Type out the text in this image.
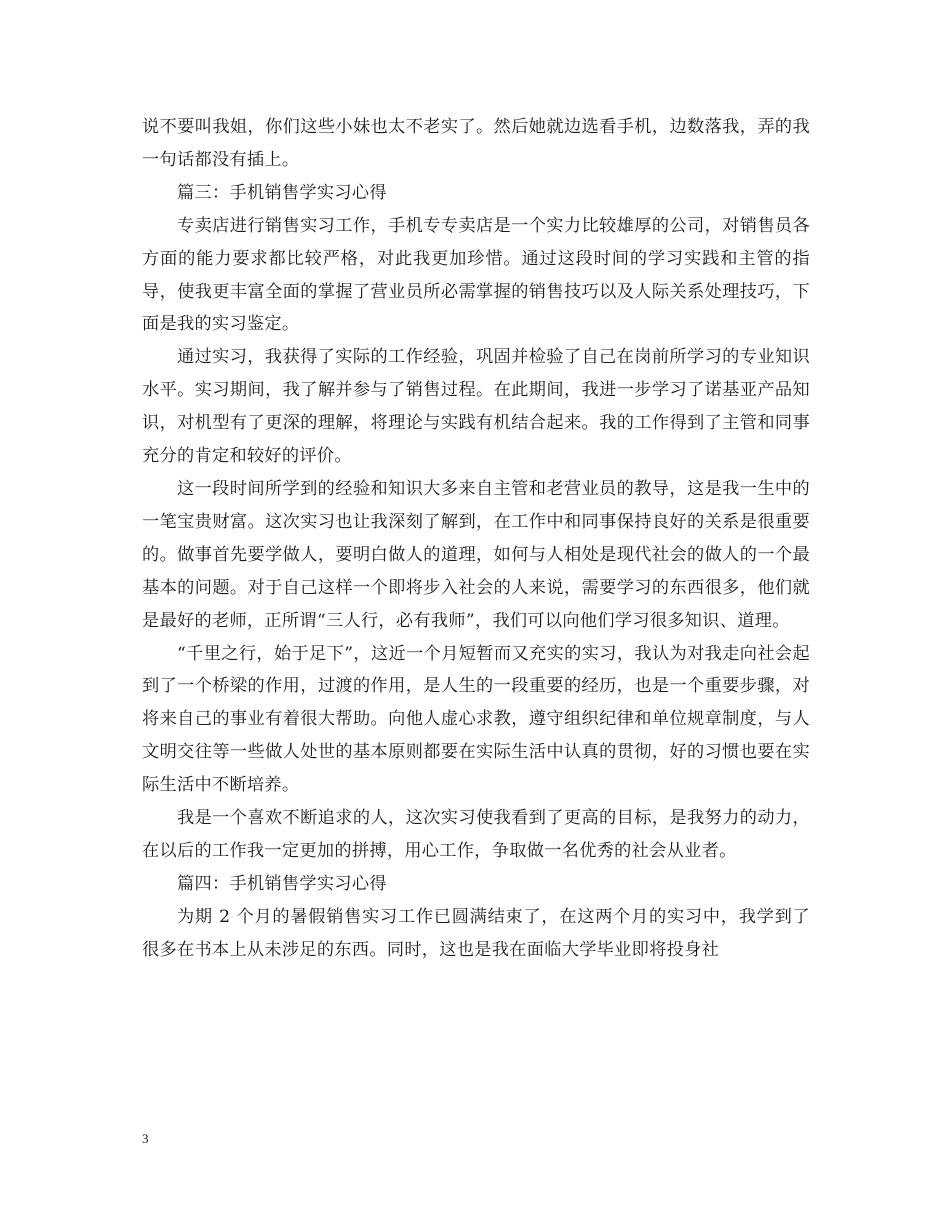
说不要叫我姐，你们这些小妹也太不老实了。然后她就边选看手机，边数落我，弄的我一句话都没有插上。

篇三：手机销售学实习心得

专卖店进行销售实习工作，手机专专卖店是一个实力比较雄厚的公司，对销售员各方面的能力要求都比较严格，对此我更加珍惜。通过这段时间的学习实践和主管的指导，使我更丰富全面的掌握了营业员所必需掌握的销售技巧以及人际关系处理技巧，下面是我的实习鉴定。

通过实习，我获得了实际的工作经验，巩固并检验了自己在岗前所学习的专业知识水平。实习期间，我了解并参与了销售过程。在此期间，我进一步学习了诺基亚产品知识，对机型有了更深的理解，将理论与实践有机结合起来。我的工作得到了主管和同事充分的肯定和较好的评价。

这一段时间所学到的经验和知识大多来自主管和老营业员的教导，这是我一生中的一笔宝贵财富。这次实习也让我深刻了解到，在工作中和同事保持良好的关系是很重要的。做事首先要学做人，要明白做人的道理，如何与人相处是现代社会的做人的一个最基本的问题。对于自己这样一个即将步入社会的人来说，需要学习的东西很多，他们就是最好的老师，正所谓“三人行，必有我师”，我们可以向他们学习很多知识、道理。

“千里之行，始于足下”，这近一个月短暂而又充实的实习，我认为对我走向社会起到了一个桥梁的作用，过渡的作用，是人生的一段重要的经历，也是一个重要步骤，对将来自己的事业有着很大帮助。向他人虚心求教，遵守组织纪律和单位规章制度，与人文明交往等一些做人处世的基本原则都要在实际生活中认真的贯彻，好的习惯也要在实际生活中不断培养。

我是一个喜欢不断追求的人，这次实习使我看到了更高的目标，是我努力的动力，在以后的工作我一定更加的拼搏，用心工作，争取做一名优秀的社会从业者。

篇四：手机销售学实习心得

为期 2 个月的暑假销售实习工作已圆满结束了，在这两个月的实习中，我学到了很多在书本上从未涉足的东西。同时，这也是我在面临大学毕业即将投身社

3
